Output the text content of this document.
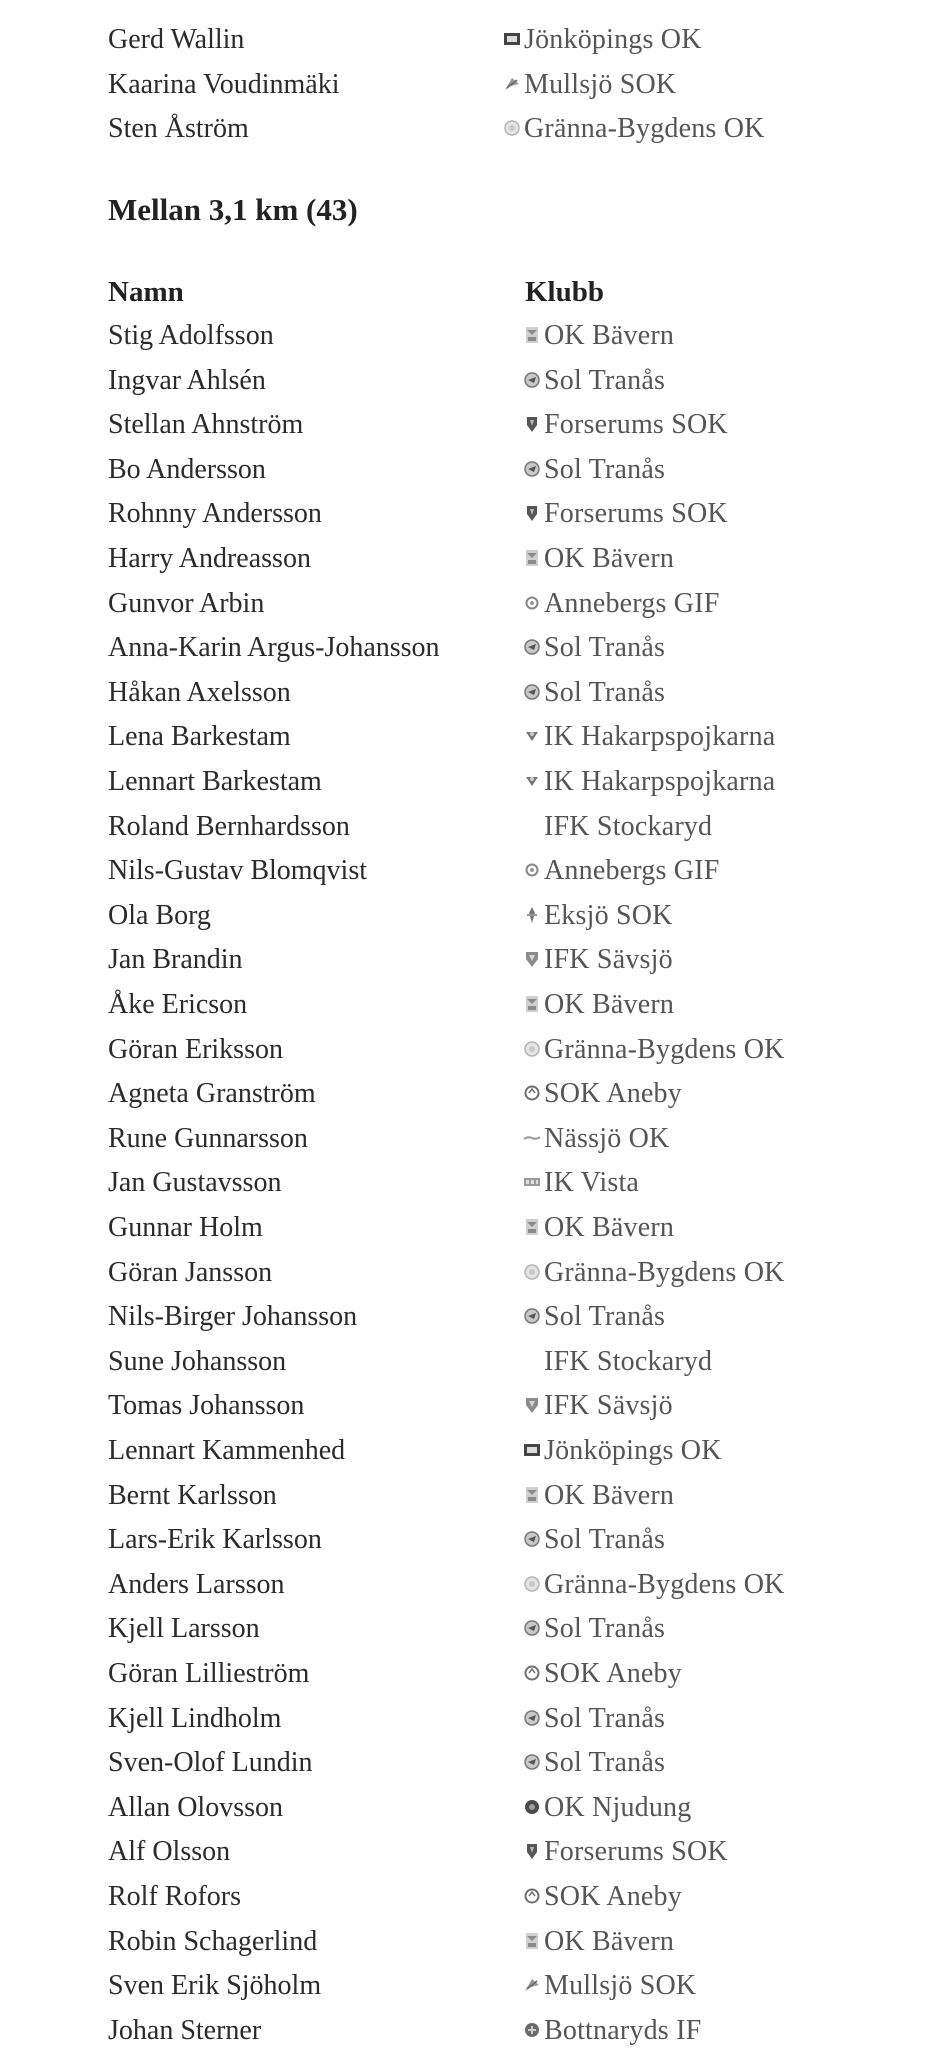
Gerd Wallin	Jönköpings OK
Kaarina Voudinmäki	Mullsjö SOK
Sten Åström	Gränna-Bygdens OK
Mellan 3,1 km (43)
Namn	Klubb
Stig Adolfsson	OK Bävern
Ingvar Ahlsén	Sol Tranås
Stellan Ahnström	Forserums SOK
Bo Andersson	Sol Tranås
Rohnny Andersson	Forserums SOK
Harry Andreasson	OK Bävern
Gunvor Arbin	Annebergs GIF
Anna-Karin Argus-Johansson	Sol Tranås
Håkan Axelsson	Sol Tranås
Lena Barkestam	IK Hakarpspojkarna
Lennart Barkestam	IK Hakarpspojkarna
Roland Bernhardsson	IFK Stockaryd
Nils-Gustav Blomqvist	Annebergs GIF
Ola Borg	Eksjö SOK
Jan Brandin	IFK Sävsjö
Åke Ericson	OK Bävern
Göran Eriksson	Gränna-Bygdens OK
Agneta Granström	SOK Aneby
Rune Gunnarsson	Nässjö OK
Jan Gustavsson	IK Vista
Gunnar Holm	OK Bävern
Göran Jansson	Gränna-Bygdens OK
Nils-Birger Johansson	Sol Tranås
Sune Johansson	IFK Stockaryd
Tomas Johansson	IFK Sävsjö
Lennart Kammenhed	Jönköpings OK
Bernt Karlsson	OK Bävern
Lars-Erik Karlsson	Sol Tranås
Anders Larsson	Gränna-Bygdens OK
Kjell Larsson	Sol Tranås
Göran Lillieström	SOK Aneby
Kjell Lindholm	Sol Tranås
Sven-Olof Lundin	Sol Tranås
Allan Olovsson	OK Njudung
Alf Olsson	Forserums SOK
Rolf Rofors	SOK Aneby
Robin Schagerlind	OK Bävern
Sven Erik Sjöholm	Mullsjö SOK
Johan Sterner	Bottnaryds IF
